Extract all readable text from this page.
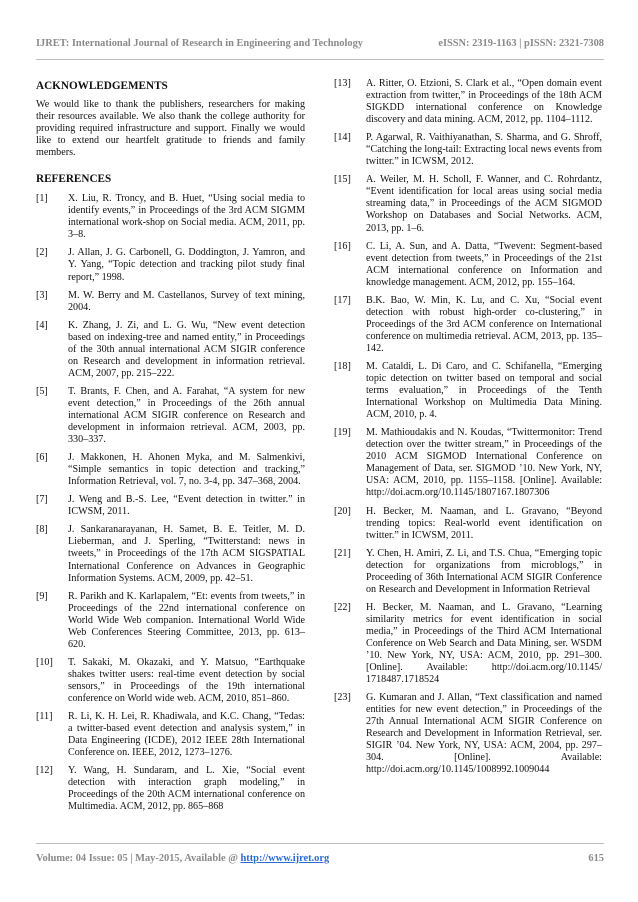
IJRET: International Journal of Research in Engineering and Technology	eISSN: 2319-1163 | pISSN: 2321-7308
ACKNOWLEDGEMENTS

We would like to thank the publishers, researchers for making their resources available. We also thank the college authority for providing required infrastructure and support. Finally we would like to extend our heartfelt gratitude to friends and family members.

REFERENCES
[1]	X. Liu, R. Troncy, and B. Huet, “Using social media to identify events,” in Proceedings of the 3rd ACM SIGMM international work-shop on Social media. ACM, 2011, pp. 3–8.
[2]	J. Allan, J. G. Carbonell, G. Doddington, J. Yamron, and Y. Yang, “Topic detection and tracking pilot study final report,” 1998.
[3]	M. W. Berry and M. Castellanos, Survey of text mining, 2004.
[4]	K. Zhang, J. Zi, and L. G. Wu, “New event detection based on indexing-tree and named entity,” in Proceedings of the 30th annual international ACM SIGIR conference on Research and development in information retrieval. ACM, 2007, pp. 215–222.
[5]	T. Brants, F. Chen, and A. Farahat, “A system for new event detection,” in Proceedings of the 26th annual international ACM SIGIR conference on Research and development in informaion retrieval. ACM, 2003, pp. 330–337.
[6]	J. Makkonen, H. Ahonen Myka, and M. Salmenkivi, “Simple semantics in topic detection and tracking,” Information Retrieval, vol. 7, no. 3-4, pp. 347–368, 2004.
[7]	J. Weng and B.-S. Lee, “Event detection in twitter.” in ICWSM, 2011.
[8]	J. Sankaranarayanan, H. Samet, B. E. Teitler, M. D. Lieberman, and J. Sperling, “Twitterstand: news in tweets,” in Proceedings of the 17th ACM SIGSPATIAL International Conference on Advances in Geographic Information Systems. ACM, 2009, pp. 42–51.
[9]	R. Parikh and K. Karlapalem, “Et: events from tweets,” in Proceedings of the 22nd international conference on World Wide Web companion. International World Wide Web Conferences Steering Committee, 2013, pp. 613–620.
[10]	T. Sakaki, M. Okazaki, and Y. Matsuo, “Earthquake shakes twitter users: real-time event detection by social sensors,” in Proceedings of the 19th international conference on World wide web. ACM, 2010, 851–860.
[11]	R. Li, K. H. Lei, R. Khadiwala, and K.C. Chang, “Tedas: a twitter-based event detection and analysis system,” in Data Engineering (ICDE), 2012 IEEE 28th International Conference on. IEEE, 2012, 1273–1276.
[12]	Y. Wang, H. Sundaram, and L. Xie, “Social event detection with interaction graph modeling,” in Proceedings of the 20th ACM international conference on Multimedia. ACM, 2012, pp. 865–868
[13]	A. Ritter, O. Etzioni, S. Clark et al., “Open domain event extraction from twitter,” in Proceedings of the 18th ACM SIGKDD international conference on Knowledge discovery and data mining. ACM, 2012, pp. 1104–1112.
[14]	P. Agarwal, R. Vaithiyanathan, S. Sharma, and G. Shroff, “Catching the long-tail: Extracting local news events from twitter.” in ICWSM, 2012.
[15]	A. Weiler, M. H. Scholl, F. Wanner, and C. Rohrdantz, “Event identification for local areas using social media streaming data,” in Proceedings of the ACM SIGMOD Workshop on Databases and Social Networks. ACM, 2013, pp. 1–6.
[16]	C. Li, A. Sun, and A. Datta, “Twevent: Segment-based event detection from tweets,” in Proceedings of the 21st ACM international conference on Information and knowledge management. ACM, 2012, pp. 155–164.
[17]	B.K. Bao, W. Min, K. Lu, and C. Xu, “Social event detection with robust high-order co-clustering,” in Proceedings of the 3rd ACM conference on International conference on multimedia retrieval. ACM, 2013, pp. 135–142.
[18]	M. Cataldi, L. Di Caro, and C. Schifanella, “Emerging topic detection on twitter based on temporal and social terms evaluation,” in Proceedings of the Tenth International Workshop on Multimedia Data Mining. ACM, 2010, p. 4.
[19]	M. Mathioudakis and N. Koudas, “Twittermonitor: Trend detection over the twitter stream,” in Proceedings of the 2010 ACM SIGMOD International Conference on Management of Data, ser. SIGMOD ’10. New York, NY, USA: ACM, 2010, pp. 1155–1158. [Online]. Available: http://doi.acm.org/10.1145/1807167.1807306
[20]	H. Becker, M. Naaman, and L. Gravano, “Beyond trending topics: Real-world event identification on twitter.” in ICWSM, 2011.
[21]	Y. Chen, H. Amiri, Z. Li, and T.S. Chua, “Emerging topic detection for organizations from microblogs,” in Proceeding of 36th International ACM SIGIR Conference on Research and Development in Information Retrieval
[22]	H. Becker, M. Naaman, and L. Gravano, “Learning similarity metrics for event identification in social media,” in Proceedings of the Third ACM International Conference on Web Search and Data Mining, ser. WSDM ’10. New York, NY, USA: ACM, 2010, pp. 291–300. [Online]. Available: http://doi.acm.org/10.1145/ 1718487.1718524
[23]	G. Kumaran and J. Allan, “Text classification and named entities for new event detection,” in Proceedings of the 27th Annual International ACM SIGIR Conference on Research and Development in Information Retrieval, ser. SIGIR ’04. New York, NY, USA: ACM, 2004, pp. 297–304. [Online]. Available: http://doi.acm.org/10.1145/1008992.1009044
Volume: 04 Issue: 05 | May-2015, Available @ http://www.ijret.org	615
